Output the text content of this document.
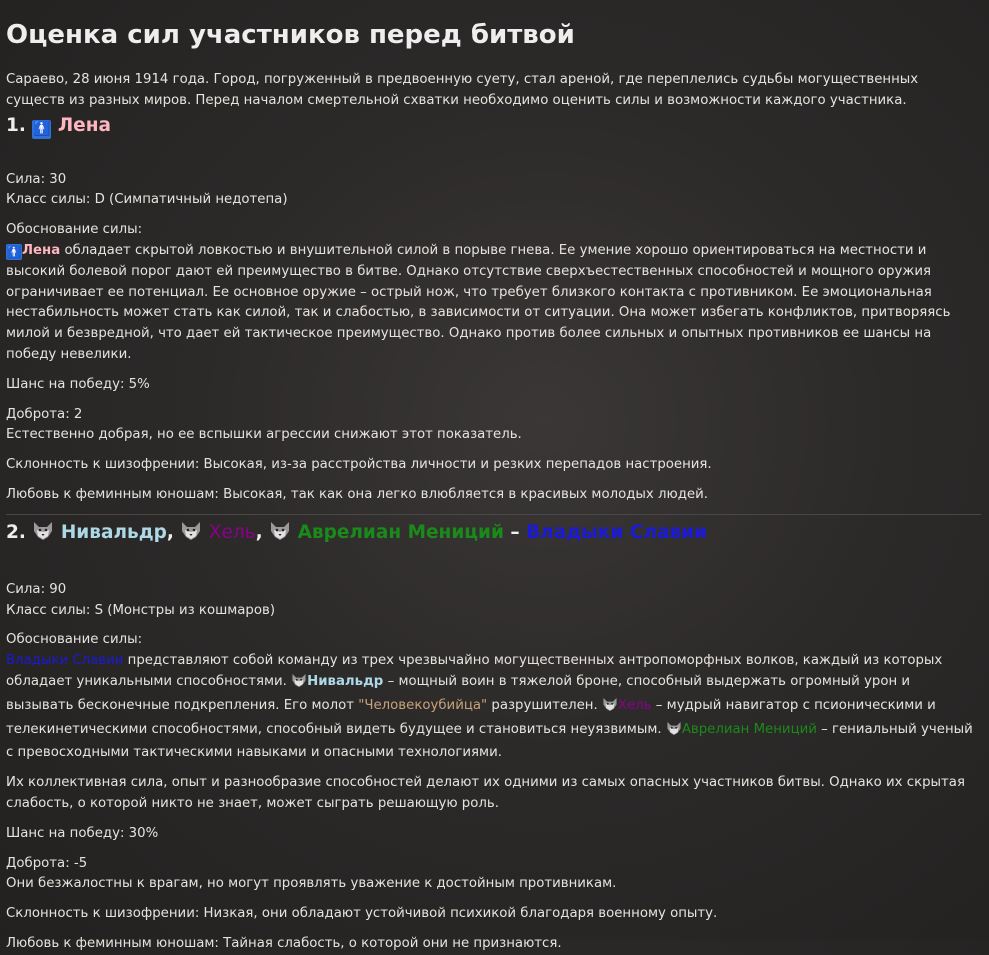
Оценка сил участников перед битвой

Сараево, 28 июня 1914 года. Город, погруженный в предвоенную суету, стал ареной, где переплелись судьбы могущественных существ из разных миров. Перед началом смертельной схватки необходимо оценить силы и возможности каждого участника.

1. 🚹 Лена

Сила: 30

Класс силы: D (Симпатичный недотепа)

Обоснование силы:

🚹Лена обладает скрытой ловкостью и внушительной силой в порыве гнева. Ее умение хорошо ориентироваться на местности и высокий болевой порог дают ей преимущество в битве. Однако отсутствие сверхъестественных способностей и мощного оружия ограничивает ее потенциал. Ее основное оружие – острый нож, что требует близкого контакта с противником. Ее эмоциональная нестабильность может стать как силой, так и слабостью, в зависимости от ситуации. Она может избегать конфликтов, притворяясь милой и безвредной, что дает ей тактическое преимущество. Однако против более сильных и опытных противников ее шансы на победу невелики.

Шанс на победу: 5%

Доброта: 2

Естественно добрая, но ее вспышки агрессии снижают этот показатель.

Склонность к шизофрении: Высокая, из-за расстройства личности и резких перепадов настроения.

Любовь к феминным юношам: Высокая, так как она легко влюбляется в красивых молодых людей.

2. Нивальдр, Хель, Аврелиан Мениций – Владыки Славии

Сила: 90

Класс силы: S (Монстры из кошмаров)

Обоснование силы:

Владыки Славии представляют собой команду из трех чрезвычайно могущественных антропоморфных волков, каждый из которых обладает уникальными способностями. Нивальдр – мощный воин в тяжелой броне, способный выдержать огромный урон и вызывать бесконечные подкрепления. Его молот "Человекоубийца" разрушителен. Хель – мудрый навигатор с псионическими и телекинетическими способностями, способный видеть будущее и становиться неуязвимым. Аврелиан Мениций – гениальный ученый с превосходными тактическими навыками и опасными технологиями.

Их коллективная сила, опыт и разнообразие способностей делают их одними из самых опасных участников битвы. Однако их скрытая слабость, о которой никто не знает, может сыграть решающую роль.

Шанс на победу: 30%

Доброта: -5

Они безжалостны к врагам, но могут проявлять уважение к достойным противникам.

Склонность к шизофрении: Низкая, они обладают устойчивой психикой благодаря военному опыту.

Любовь к феминным юношам: Тайная слабость, о которой они не признаются.
